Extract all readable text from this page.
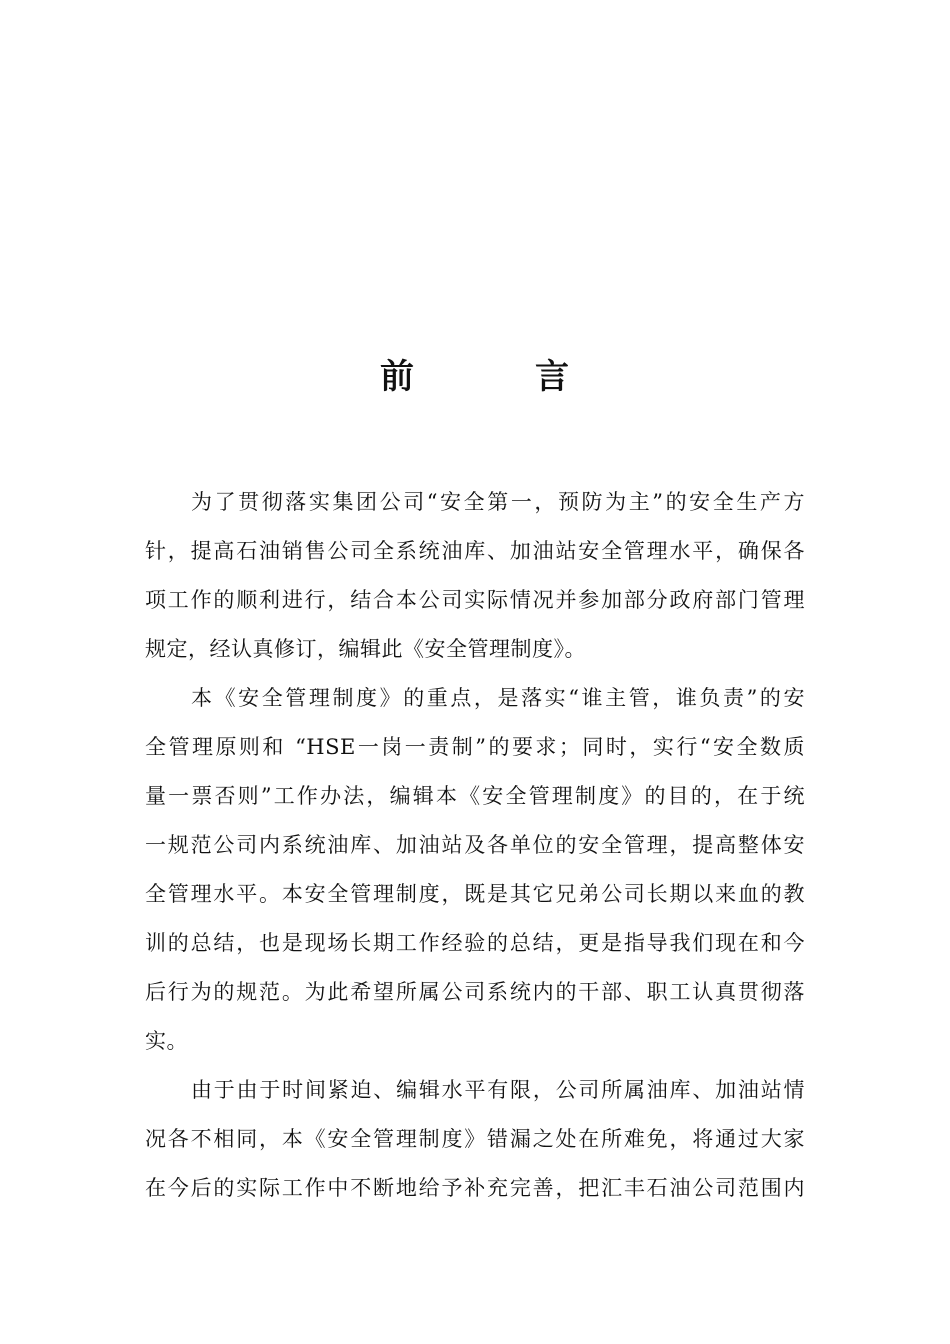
前	言
为了贯彻落实集团公司“安全第一，预防为主”的安全生产方
针，提高石油销售公司全系统油库、加油站安全管理水平，确保各
项工作的顺利进行，结合本公司实际情况并参加部分政府部门管理
规定，经认真修订，编辑此《安全管理制度》。
本《安全管理制度》的重点，是落实“谁主管，谁负责”的安
全管理原则和 “HSE一岗一责制”的要求；同时，实行“安全数质
量一票否则”工作办法，编辑本《安全管理制度》的目的，在于统
一规范公司内系统油库、加油站及各单位的安全管理，提高整体安
全管理水平。本安全管理制度，既是其它兄弟公司长期以来血的教
训的总结，也是现场长期工作经验的总结，更是指导我们现在和今
后行为的规范。为此希望所属公司系统内的干部、职工认真贯彻落
实。
由于由于时间紧迫、编辑水平有限，公司所属油库、加油站情
况各不相同，本《安全管理制度》错漏之处在所难免，将通过大家
在今后的实际工作中不断地给予补充完善，把汇丰石油公司范围内
